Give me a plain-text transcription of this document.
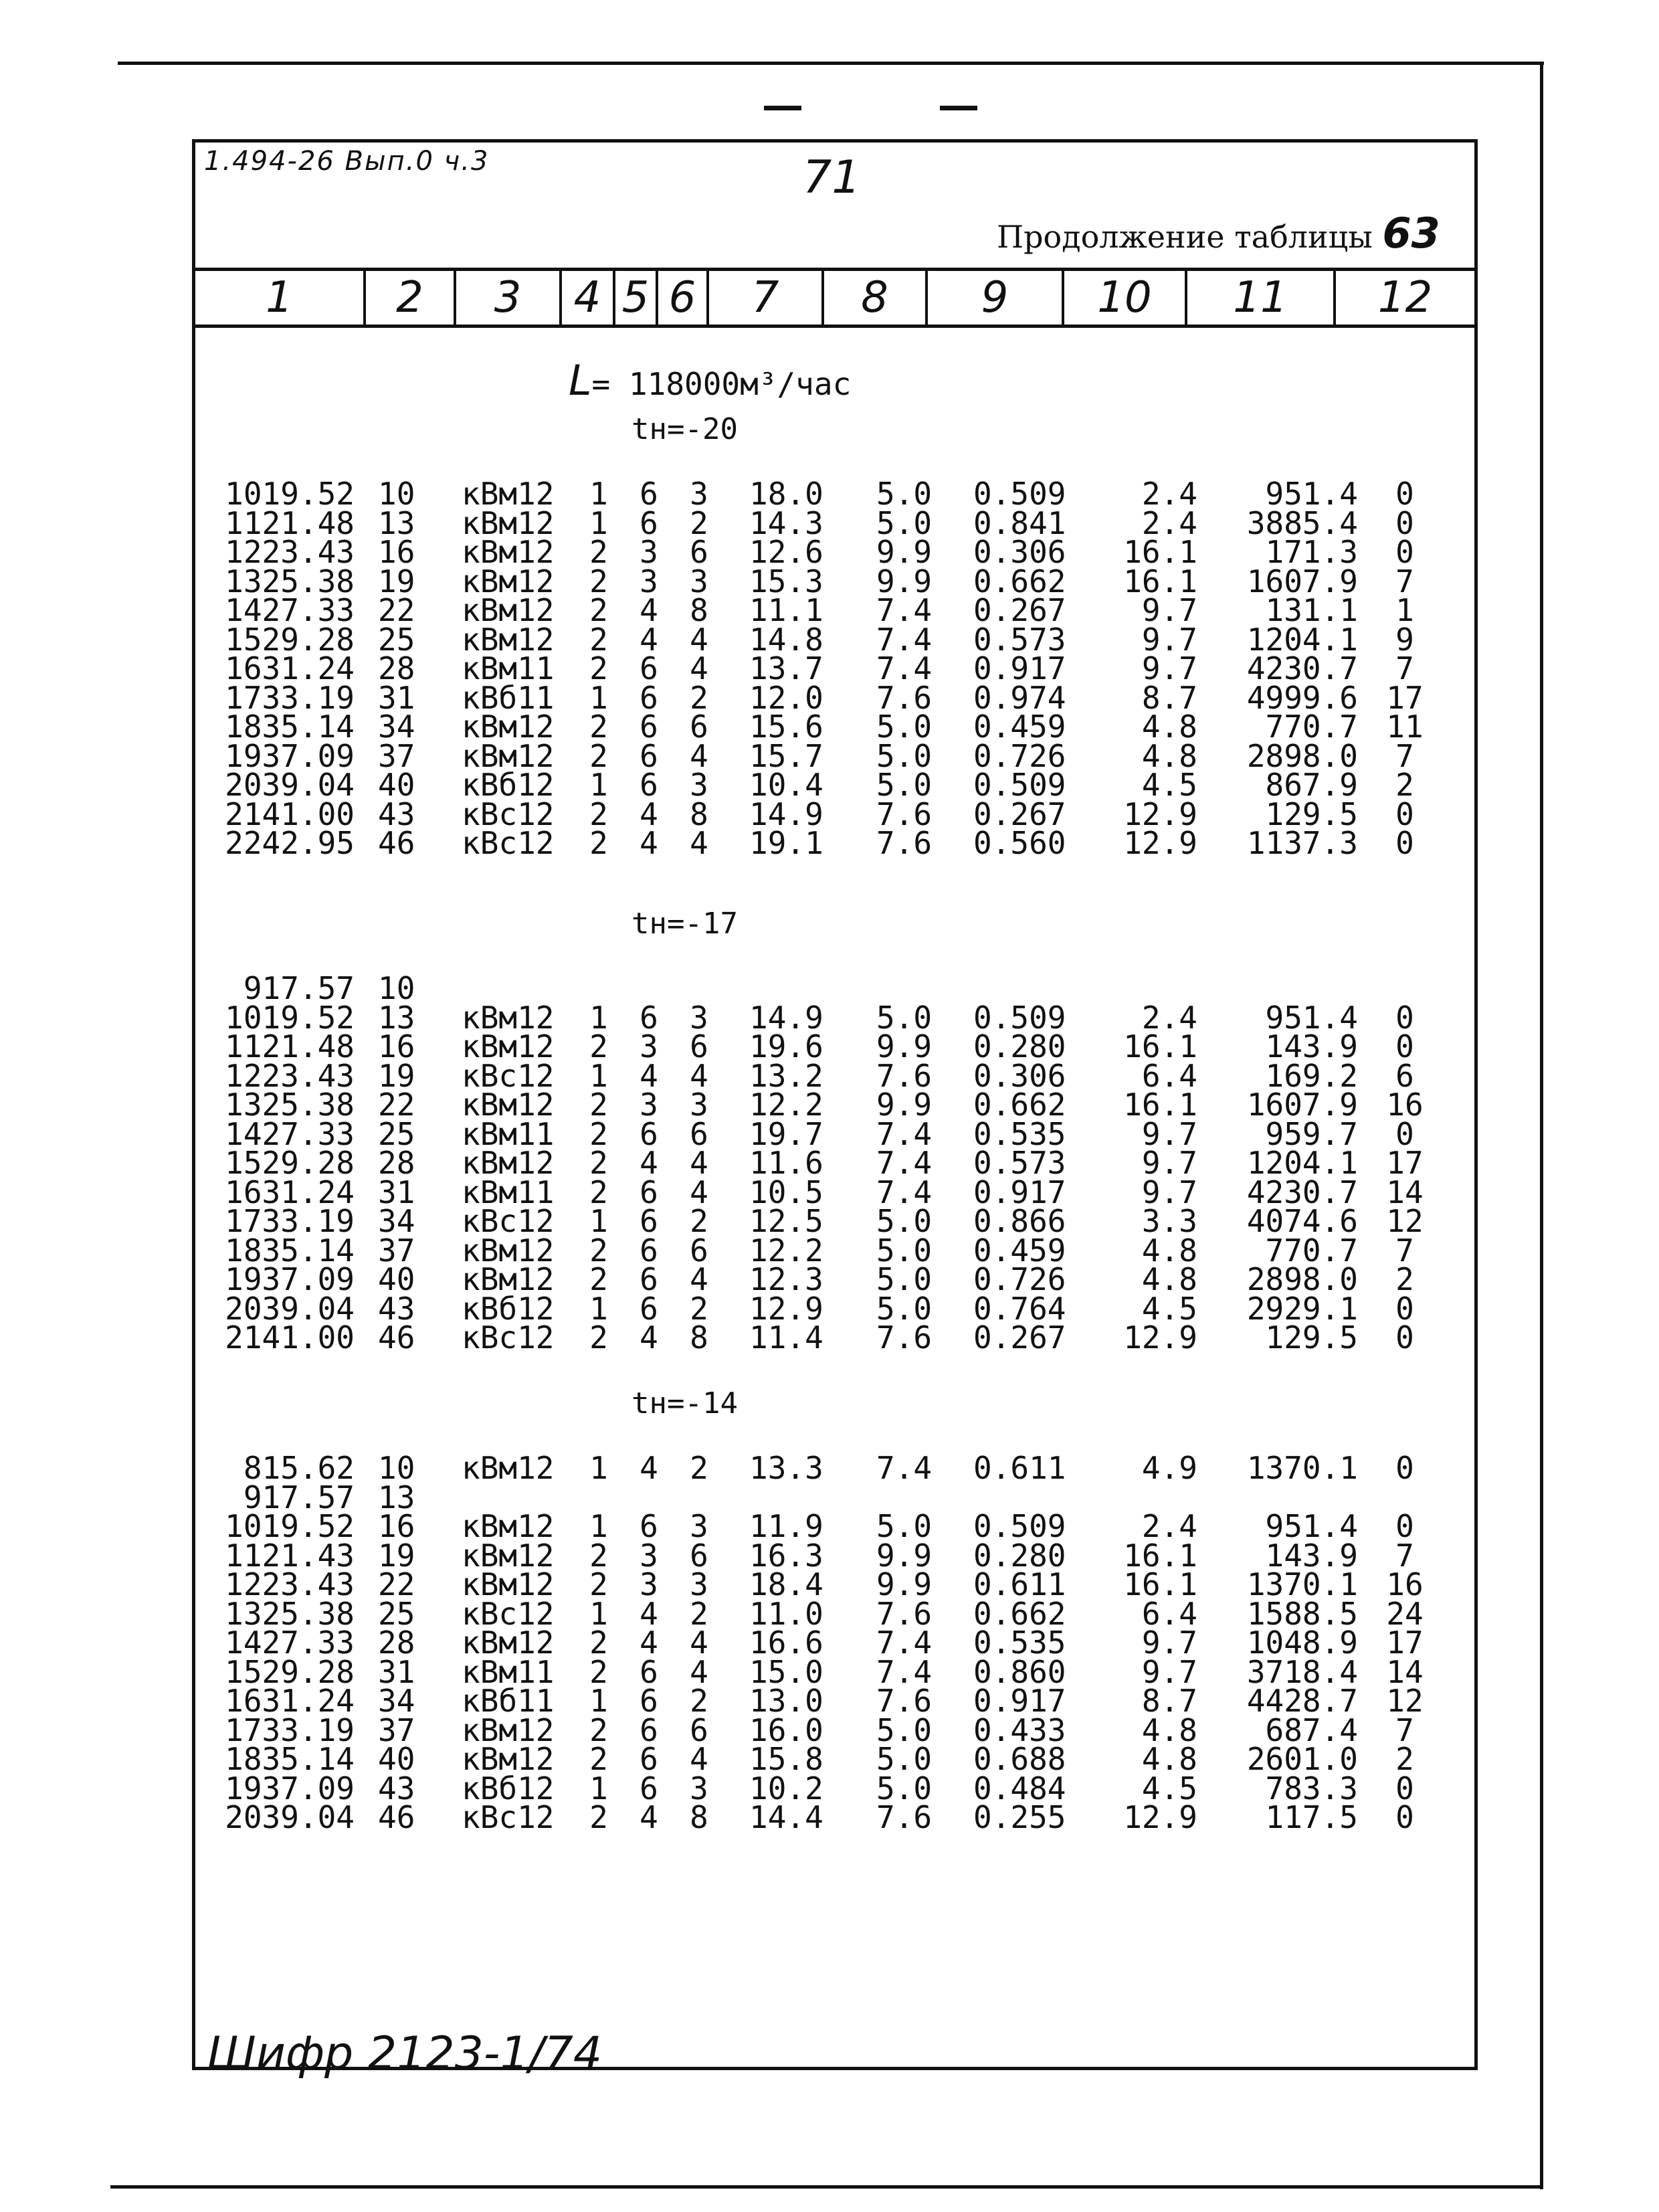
1.494-26 Вып.0 ч.3	71
Продолжение таблицы 63
1	2	3	4 5 6	7	8	9	10	11	12
L= 118000м³/час
tн=-20
1019.52 10	кВм12	1 6 3 18.0	5.0	0.509	2.4	951.4	0
1121.48 13	кВм12	1 6 2 14.3	5.0	0.841	2.4	3885.4	0
1223.43 16	кВм12	2 3 6 12.6	9.9	0.306	16.1	171.3	0
1325.38 19	кВм12	2 3 3 15.3	9.9	0.662	16.1	1607.9	7
1427.33 22	кВм12	2 4 8 11.1	7.4	0.267	9.7	131.1	1
1529.28 25	кВм12	2 4 4 14.8	7.4	0.573	9.7	1204.1	9
1631.24 28	кВм11	2 6 4 13.7	7.4	0.917	9.7	4230.7	7
1733.19 31	кВб11	1 6 2 12.0	7.6	0.974	8.7	4999.6 17
1835.14 34	кВм12	2 6 6 15.6	5.0	0.459	4.8	770.7 11
1937.09 37	кВм12	2 6 4 15.7	5.0	0.726	4.8	2898.0	7
2039.04 40	кВб12	1 6 3 10.4	5.0	0.509	4.5	867.9	2
2141.00 43	кВс12	2 4 8 14.9	7.6	0.267	12.9	129.5	0
2242.95 46	кВс12	2 4 4 19.1	7.6	0.560	12.9	1137.3	0
tн=-17
917.57 10
1019.52 13	кВм12	1 6 3 14.9	5.0	0.509	2.4	951.4	0
1121.48 16	кВм12	2 3 6 19.6	9.9	0.280	16.1	143.9	0
1223.43 19	кВс12	1 4 4 13.2	7.6	0.306	6.4	169.2	6
1325.38 22	кВм12	2 3 3 12.2	9.9	0.662	16.1	1607.9 16
1427.33 25	кВм11	2 6 6 19.7	7.4	0.535	9.7	959.7	0
1529.28 28	кВм12	2 4 4 11.6	7.4	0.573	9.7	1204.1 17
1631.24 31	кВм11	2 6 4 10.5	7.4	0.917	9.7	4230.7 14
1733.19 34	кВс12	1 6 2 12.5	5.0	0.866	3.3	4074.6 12
1835.14 37	кВм12	2 6 6 12.2	5.0	0.459	4.8	770.7	7
1937.09 40	кВм12	2 6 4 12.3	5.0	0.726	4.8	2898.0	2
2039.04 43	кВб12	1 6 2 12.9	5.0	0.764	4.5	2929.1	0
2141.00 46	кВс12	2 4 8 11.4	7.6	0.267	12.9	129.5	0
tн=-14
815.62 10	кВм12	1 4 2 13.3	7.4	0.611	4.9	1370.1	0
917.57 13
1019.52 16	кВм12	1 6 3 11.9	5.0	0.509	2.4	951.4	0
1121.43 19	кВм12	2 3 6 16.3	9.9	0.280	16.1	143.9	7
1223.43 22	кВм12	2 3 3 18.4	9.9	0.611	16.1	1370.1 16
1325.38 25	кВс12	1 4 2 11.0	7.6	0.662	6.4	1588.5 24
1427.33 28	кВм12	2 4 4 16.6	7.4	0.535	9.7	1048.9 17
1529.28 31	кВм11	2 6 4 15.0	7.4	0.860	9.7	3718.4 14
1631.24 34	кВб11	1 6 2 13.0	7.6	0.917	8.7	4428.7 12
1733.19 37	кВм12	2 6 6 16.0	5.0	0.433	4.8	687.4	7
1835.14 40	кВм12	2 6 4 15.8	5.0	0.688	4.8	2601.0	2
1937.09 43	кВб12	1 6 3 10.2	5.0	0.484	4.5	783.3	0
2039.04 46	кВс12	2 4 8 14.4	7.6	0.255	12.9	117.5	0
Шифр 2123-1/74
